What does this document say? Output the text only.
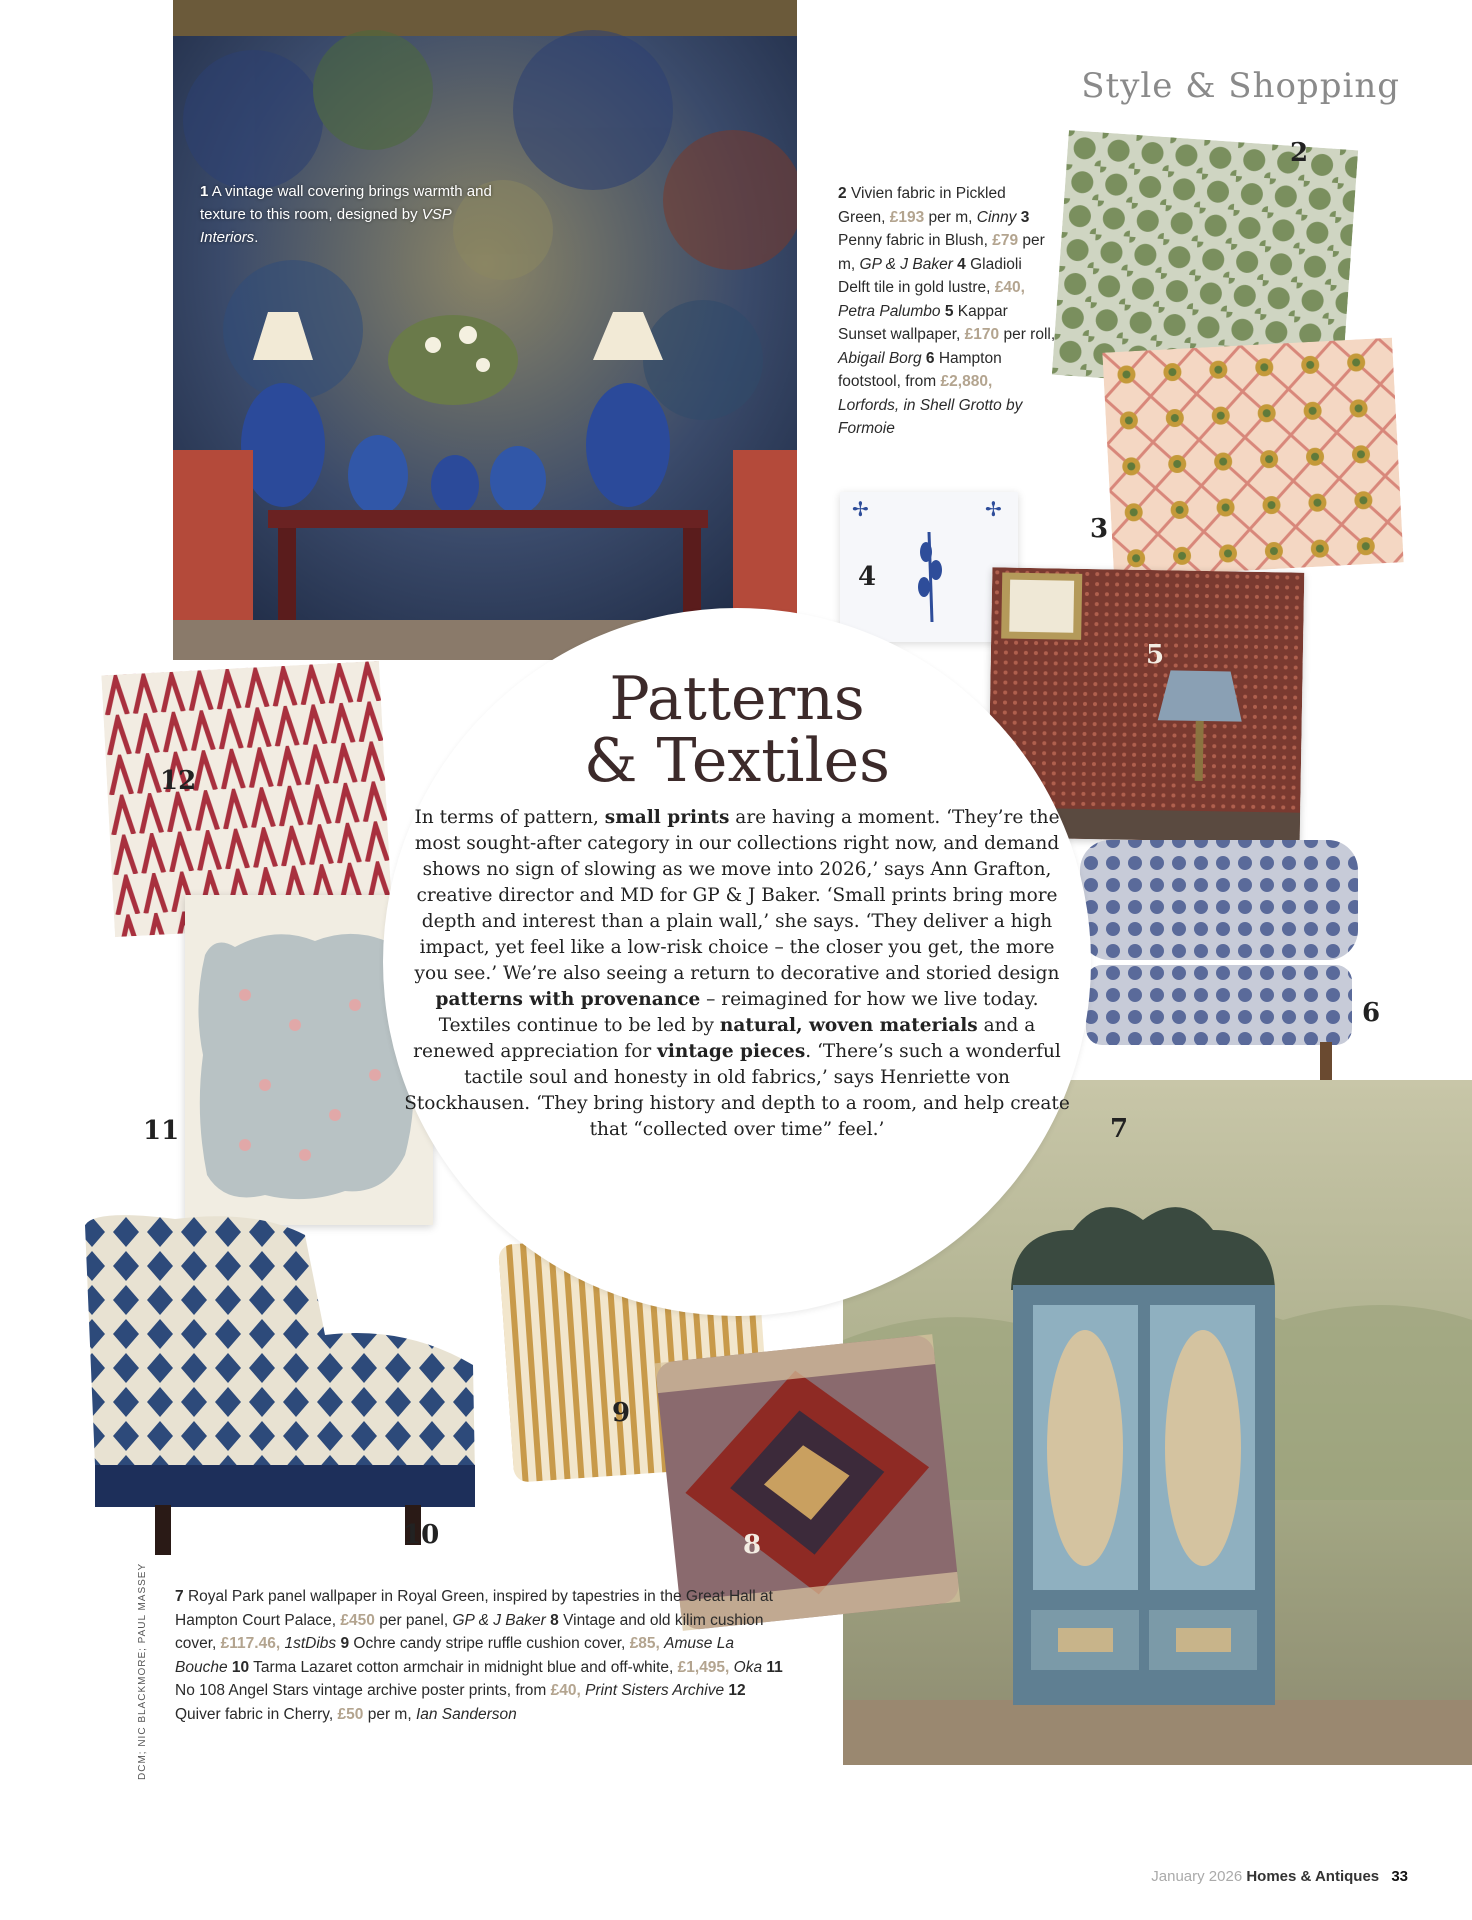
1 A vintage wall covering brings warmth and texture to this room, designed by VSP Interiors.
Style & Shopping
2 Vivien fabric in Pickled Green, £193 per m, Cinny 3 Penny fabric in Blush, £79 per m, GP & J Baker 4 Gladioli Delft tile in gold lustre, £40, Petra Palumbo 5 Kappar Sunset wallpaper, £170 per roll, Abigail Borg 6 Hampton footstool, from £2,880, Lorfords, in Shell Grotto by Formoie
2
3
✢	✢
4
5
6
12
11	7
10
9
8
Patterns
& Textiles
In terms of pattern, small prints are having a moment. ‘They’re the most sought-after category in our collections right now, and demand shows no sign of slowing as we move into 2026,’ says Ann Grafton, creative director and MD for GP & J Baker. ‘Small prints bring more depth and interest than a plain wall,’ she says. ‘They deliver a high impact, yet feel like a low-risk choice – the closer you get, the more you see.’ We’re also seeing a return to decorative and storied design patterns with provenance – reimagined for how we live today. Textiles continue to be led by natural, woven materials and a renewed appreciation for vintage pieces. ‘There’s such a wonderful tactile soul and honesty in old fabrics,’ says Henriette von Stockhausen. ‘They bring history and depth to a room, and help create that “collected over time” feel.’
7 Royal Park panel wallpaper in Royal Green, inspired by tapestries in the Great Hall at Hampton Court Palace, £450 per panel, GP & J Baker 8 Vintage and old kilim cushion cover, £117.46, 1stDibs 9 Ochre candy stripe ruffle cushion cover, £85, Amuse La Bouche 10 Tarma Lazaret cotton armchair in midnight blue and off-white, £1,495, Oka 11 No 108 Angel Stars vintage archive poster prints, from £40, Print Sisters Archive 12 Quiver fabric in Cherry, £50 per m, Ian Sanderson
DCM; NIC BLACKMORE; PAUL MASSEY
January 2026 Homes & Antiques 33
